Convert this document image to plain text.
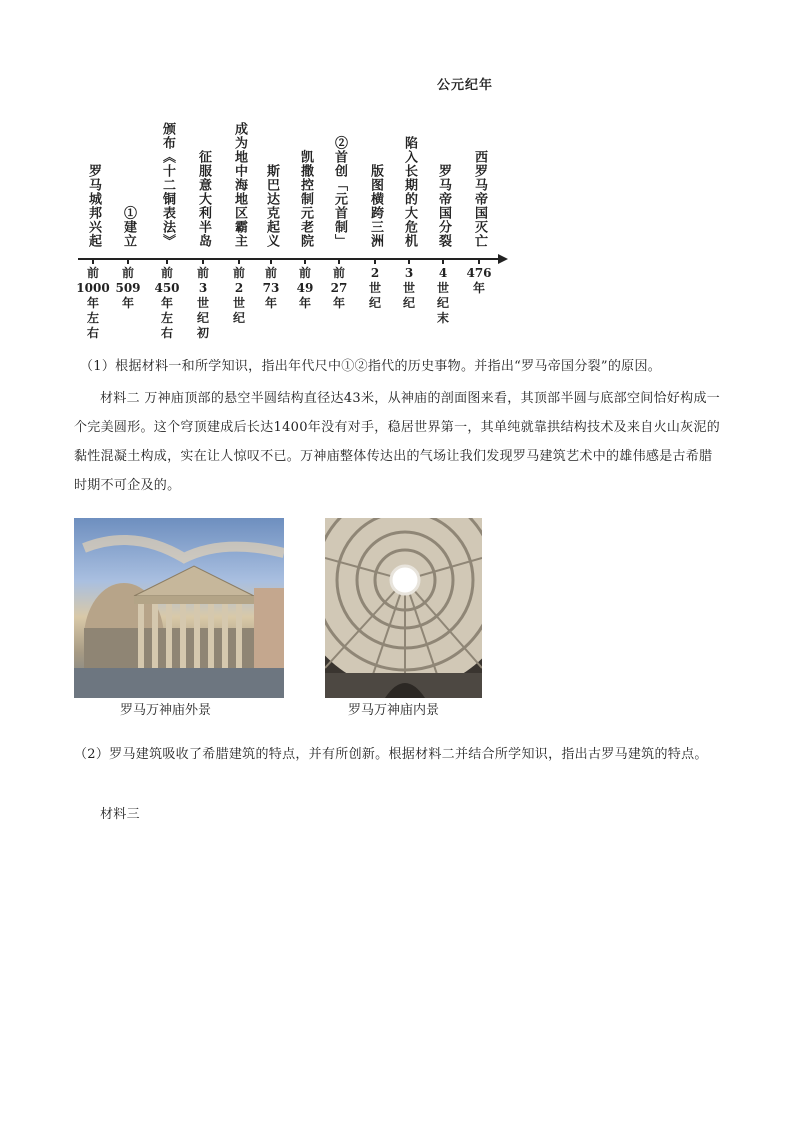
公元纪年
罗马城邦兴起
前
1000
年
左
右
①建立
前
509
年
颁布《十二铜表法》
前
450
年
左
右
征服意大利半岛
前
3
世
纪
初
成为地中海地区霸主
前
2
世
纪
斯巴达克起义
前
73
年
凯撒控制元老院
前
49
年
②首创「元首制」
前
27
年
版图横跨三洲
2
世
纪
陷入长期的大危机
3
世
纪
罗马帝国分裂
4
世
纪
末
西罗马帝国灭亡
476
年
（1）根据材料一和所学知识，指出年代尺中①②指代的历史事物。并指出“罗马帝国分裂”的原因。
材料二 万神庙顶部的悬空半圆结构直径达43米，从神庙的剖面图来看，其顶部半圆与底部空间恰好构成一个完美圆形。这个穹顶建成后长达1400年没有对手，稳居世界第一，其单纯就靠拱结构技术及来自火山灰泥的黏性混凝土构成，实在让人惊叹不已。万神庙整体传达出的气场让我们发现罗马建筑艺术中的雄伟感是古希腊时期不可企及的。
罗马万神庙外景	罗马万神庙内景
（2）罗马建筑吸收了希腊建筑的特点，并有所创新。根据材料二并结合所学知识，指出古罗马建筑的特点。
材料三
